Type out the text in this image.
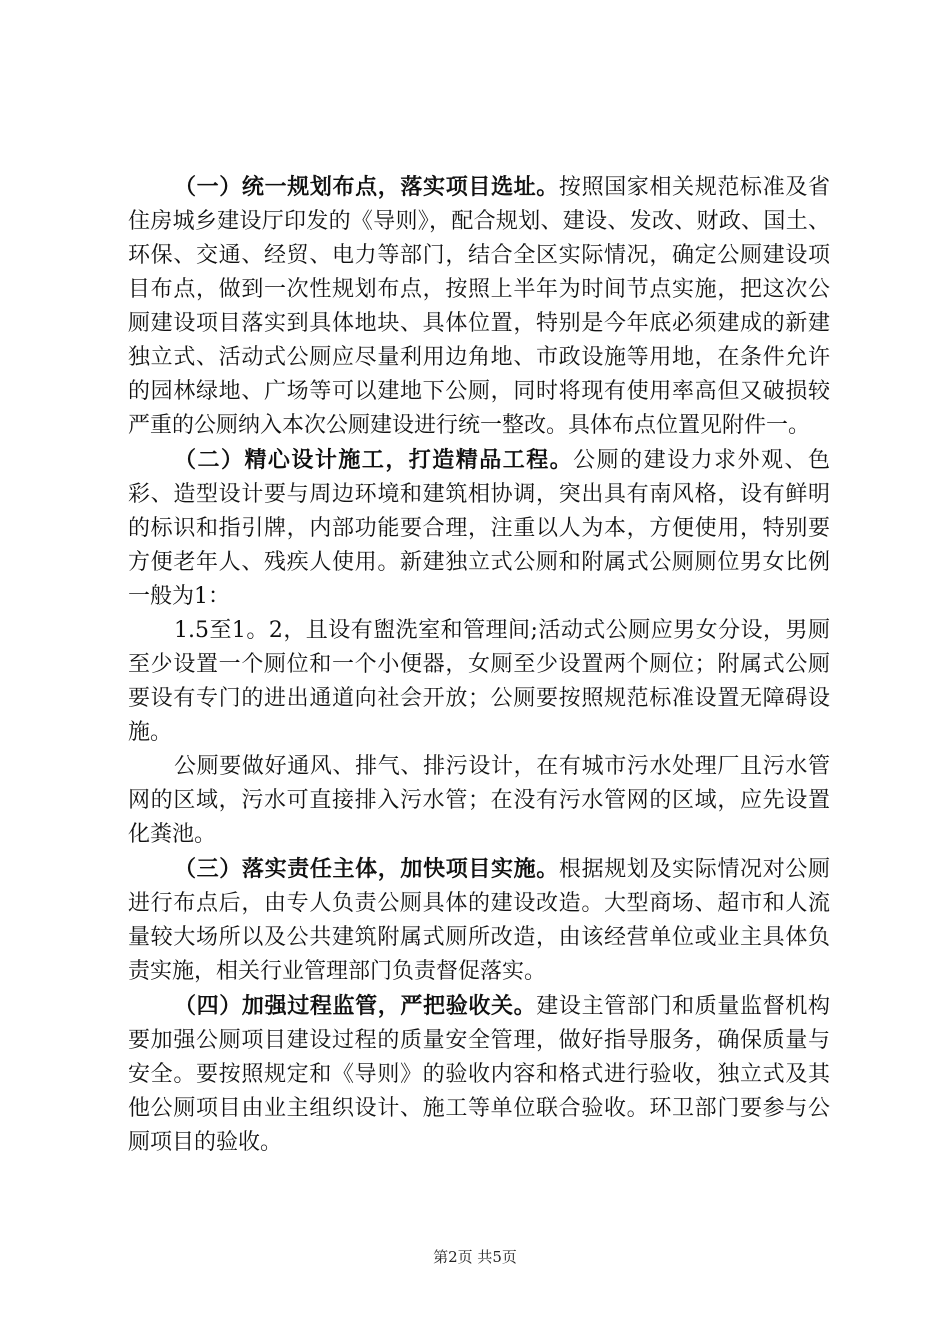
（一）统一规划布点，落实项目选址。按照国家相关规范标准及省住房城乡建设厅印发的《导则》，配合规划、建设、发改、财政、国土、环保、交通、经贸、电力等部门，结合全区实际情况，确定公厕建设项目布点，做到一次性规划布点，按照上半年为时间节点实施，把这次公厕建设项目落实到具体地块、具体位置，特别是今年底必须建成的新建独立式、活动式公厕应尽量利用边角地、市政设施等用地，在条件允许的园林绿地、广场等可以建地下公厕，同时将现有使用率高但又破损较严重的公厕纳入本次公厕建设进行统一整改。具体布点位置见附件一。

（二）精心设计施工，打造精品工程。公厕的建设力求外观、色彩、造型设计要与周边环境和建筑相协调，突出具有南风格，设有鲜明的标识和指引牌，内部功能要合理，注重以人为本，方便使用，特别要方便老年人、残疾人使用。新建独立式公厕和附属式公厕厕位男女比例一般为1：

1.5至1。2，且设有盥洗室和管理间;活动式公厕应男女分设，男厕至少设置一个厕位和一个小便器，女厕至少设置两个厕位；附属式公厕要设有专门的进出通道向社会开放；公厕要按照规范标准设置无障碍设施。

公厕要做好通风、排气、排污设计，在有城市污水处理厂且污水管网的区域，污水可直接排入污水管；在没有污水管网的区域，应先设置化粪池。

（三）落实责任主体，加快项目实施。根据规划及实际情况对公厕进行布点后，由专人负责公厕具体的建设改造。大型商场、超市和人流量较大场所以及公共建筑附属式厕所改造，由该经营单位或业主具体负责实施，相关行业管理部门负责督促落实。

（四）加强过程监管，严把验收关。建设主管部门和质量监督机构要加强公厕项目建设过程的质量安全管理，做好指导服务，确保质量与安全。要按照规定和《导则》的验收内容和格式进行验收，独立式及其他公厕项目由业主组织设计、施工等单位联合验收。环卫部门要参与公厕项目的验收。

第2页 共5页
